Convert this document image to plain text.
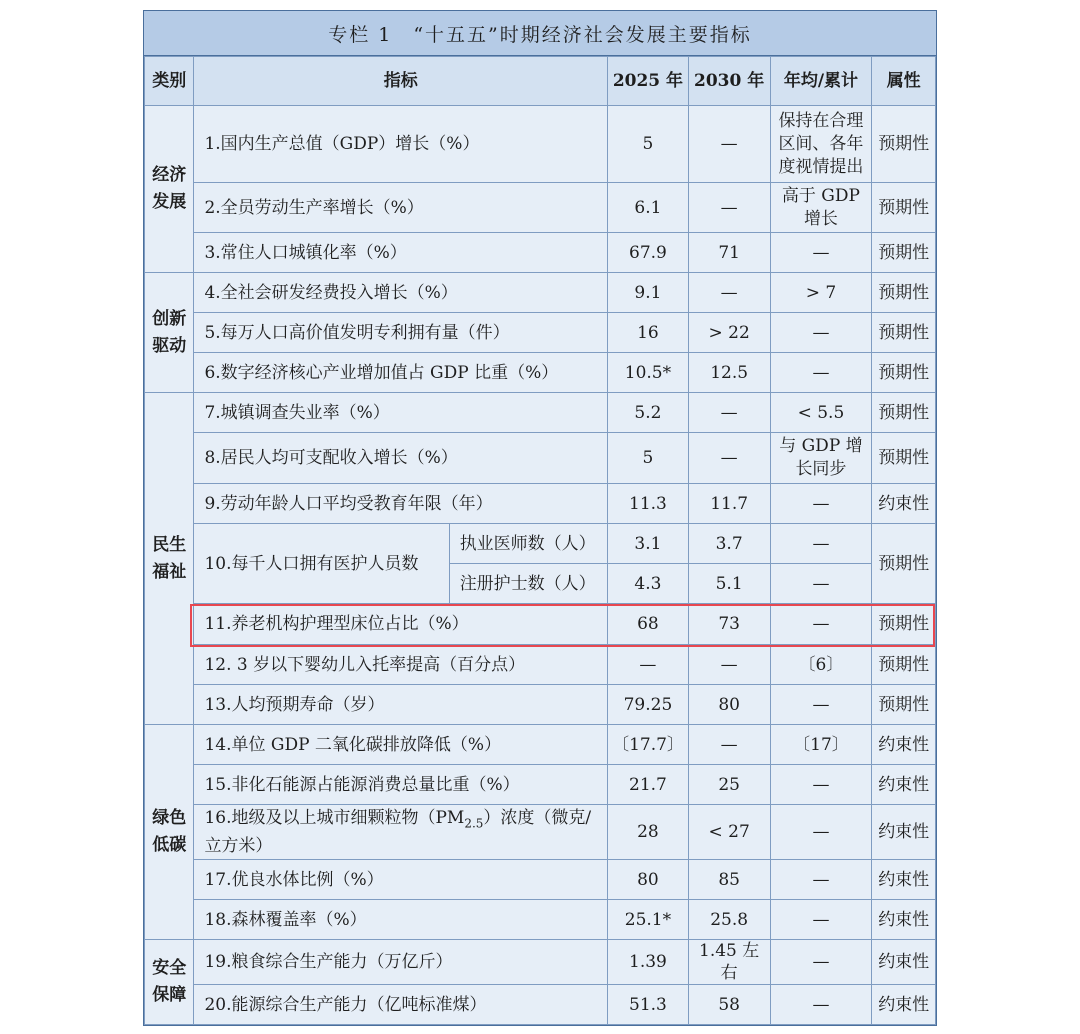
专栏 1　“十五五”时期经济社会发展主要指标
类别	指标		2025 年	2030 年	年均/累计	属性
经济发展	1.国内生产总值（GDP）增长（%）		5	—	保持在合理区间、各年度视情提出	预期性
	2.全员劳动生产率增长（%）		6.1	—	高于 GDP 增长	预期性
	3.常住人口城镇化率（%）		67.9	71	—	预期性
创新驱动	4.全社会研发经费投入增长（%）		9.1	—	> 7	预期性
	5.每万人口高价值发明专利拥有量（件）		16	> 22	—	预期性
	6.数字经济核心产业增加值占 GDP 比重（%）		10.5*	12.5	—	预期性
民生福祉	7.城镇调查失业率（%）		5.2	—	< 5.5	预期性
	8.居民人均可支配收入增长（%）		5	—	与 GDP 增长同步	预期性
	9.劳动年龄人口平均受教育年限（年）		11.3	11.7	—	约束性
	10.每千人口拥有医护人员数	执业医师数（人）	3.1	3.7	—	预期性
		注册护士数（人）	4.3	5.1	—	
	11.养老机构护理型床位占比（%）		68	73	—	预期性
	12. 3 岁以下婴幼儿入托率提高（百分点）		—	—	〔6〕	预期性
	13.人均预期寿命（岁）		79.25	80	—	预期性
绿色低碳	14.单位 GDP 二氧化碳排放降低（%）		〔17.7〕	—	〔17〕	约束性
	15.非化石能源占能源消费总量比重（%）		21.7	25	—	约束性
	16.地级及以上城市细颗粒物$(PM_{2.5})$浓度（微克/立方米）		28	< 27	—	约束性
	17.优良水体比例（%）		80	85	—	约束性
	18.森林覆盖率（%）		25.1*	25.8	—	约束性
安全保障	19.粮食综合生产能力（万亿斤）		1.39	1.45 左右	—	约束性
	20.能源综合生产能力（亿吨标准煤）		51.3	58	—	约束性
